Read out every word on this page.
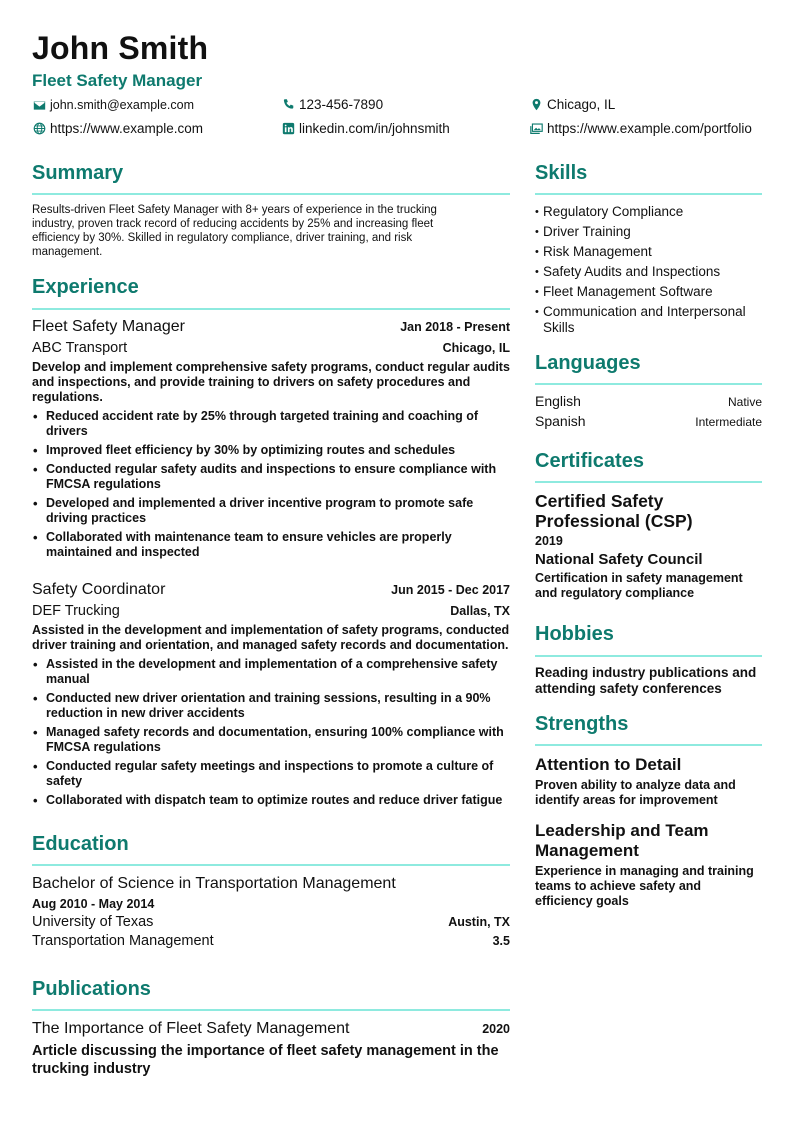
John Smith
Fleet Safety Manager
john.smith@example.com	123-456-7890	Chicago, IL
https://www.example.com	linkedin.com/in/johnsmith	https://www.example.com/portfolio
Summary
Results-driven Fleet Safety Manager with 8+ years of experience in the trucking industry, proven track record of reducing accidents by 25% and increasing fleet efficiency by 30%. Skilled in regulatory compliance, driver training, and risk management.
Experience
Fleet Safety Manager	Jan 2018 - Present
ABC Transport	Chicago, IL
Develop and implement comprehensive safety programs, conduct regular audits and inspections, and provide training to drivers on safety procedures and regulations.
• Reduced accident rate by 25% through targeted training and coaching of drivers
• Improved fleet efficiency by 30% by optimizing routes and schedules
• Conducted regular safety audits and inspections to ensure compliance with FMCSA regulations
• Developed and implemented a driver incentive program to promote safe driving practices
• Collaborated with maintenance team to ensure vehicles are properly maintained and inspected
Safety Coordinator	Jun 2015 - Dec 2017
DEF Trucking	Dallas, TX
Assisted in the development and implementation of safety programs, conducted driver training and orientation, and managed safety records and documentation.
• Assisted in the development and implementation of a comprehensive safety manual
• Conducted new driver orientation and training sessions, resulting in a 90% reduction in new driver accidents
• Managed safety records and documentation, ensuring 100% compliance with FMCSA regulations
• Conducted regular safety meetings and inspections to promote a culture of safety
• Collaborated with dispatch team to optimize routes and reduce driver fatigue
Education
Bachelor of Science in Transportation Management
Aug 2010 - May 2014
University of Texas	Austin, TX
Transportation Management	3.5
Publications
The Importance of Fleet Safety Management	2020
Article discussing the importance of fleet safety management in the trucking industry
Skills
• Regulatory Compliance
• Driver Training
• Risk Management
• Safety Audits and Inspections
• Fleet Management Software
• Communication and Interpersonal Skills
Languages
English	Native
Spanish	Intermediate
Certificates
Certified Safety Professional (CSP)
2019
National Safety Council
Certification in safety management and regulatory compliance
Hobbies
Reading industry publications and attending safety conferences
Strengths
Attention to Detail
Proven ability to analyze data and identify areas for improvement
Leadership and Team Management
Experience in managing and training teams to achieve safety and efficiency goals
